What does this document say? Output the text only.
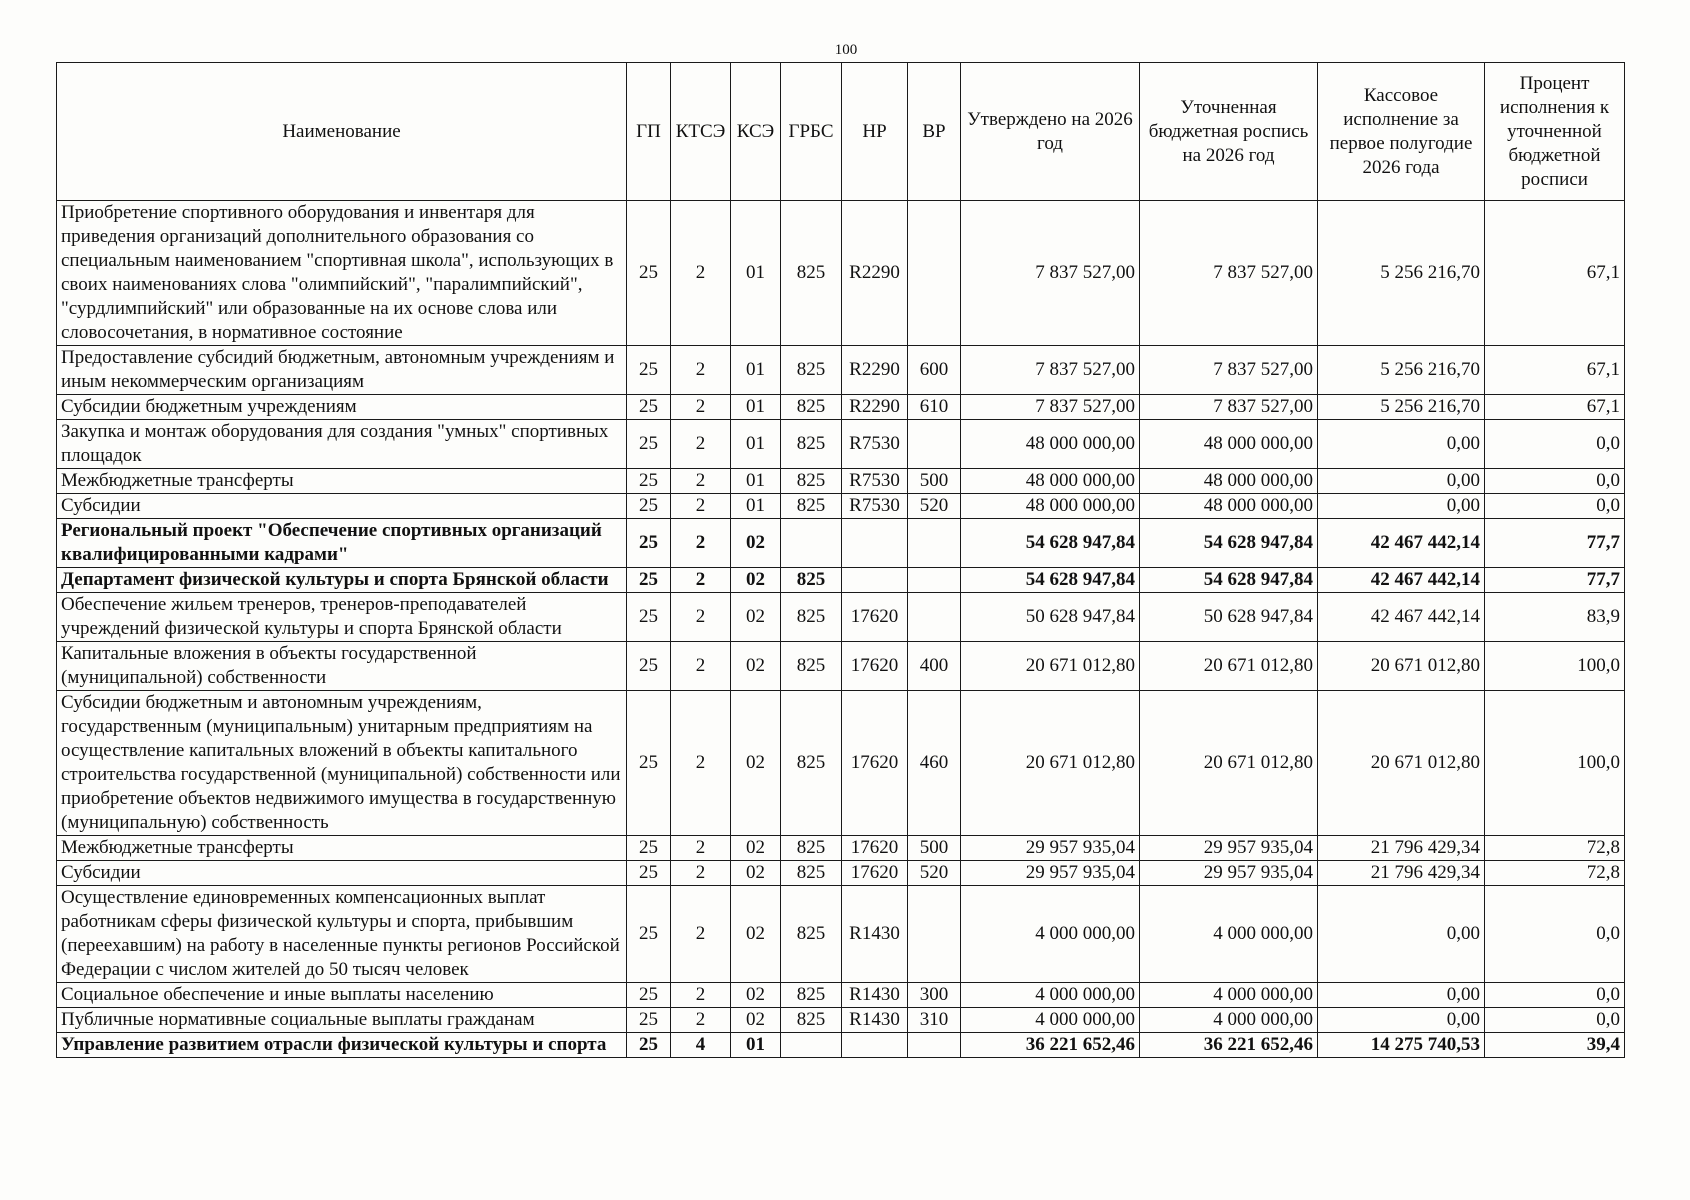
100
Наименование	ГП	КТСЭ	КСЭ	ГРБС	НР	ВР	Утверждено на 2026 год	Уточненная бюджетная роспись на 2026 год	Кассовое исполнение за первое полугодие 2026 года	Процент исполнения к уточненной бюджетной росписи
Приобретение спортивного оборудования и инвентаря для приведения организаций дополнительного образования со специальным наименованием "спортивная школа", использующих в своих наименованиях слова "олимпийский", "паралимпийский", "сурдлимпийский" или образованные на их основе слова или словосочетания, в нормативное состояние	25	2	01	825	R2290		7 837 527,00	7 837 527,00	5 256 216,70	67,1
Предоставление субсидий бюджетным, автономным учреждениям и иным некоммерческим организациям	25	2	01	825	R2290	600	7 837 527,00	7 837 527,00	5 256 216,70	67,1
Субсидии бюджетным учреждениям	25	2	01	825	R2290	610	7 837 527,00	7 837 527,00	5 256 216,70	67,1
Закупка и монтаж оборудования для создания "умных" спортивных площадок	25	2	01	825	R7530		48 000 000,00	48 000 000,00	0,00	0,0
Межбюджетные трансферты	25	2	01	825	R7530	500	48 000 000,00	48 000 000,00	0,00	0,0
Субсидии	25	2	01	825	R7530	520	48 000 000,00	48 000 000,00	0,00	0,0
Региональный проект "Обеспечение спортивных организаций квалифицированными кадрами"	25	2	02				54 628 947,84	54 628 947,84	42 467 442,14	77,7
Департамент физической культуры и спорта Брянской области	25	2	02	825			54 628 947,84	54 628 947,84	42 467 442,14	77,7
Обеспечение жильем тренеров, тренеров-преподавателей учреждений физической культуры и спорта Брянской области	25	2	02	825	17620		50 628 947,84	50 628 947,84	42 467 442,14	83,9
Капитальные вложения в объекты государственной (муниципальной) собственности	25	2	02	825	17620	400	20 671 012,80	20 671 012,80	20 671 012,80	100,0
Субсидии бюджетным и автономным учреждениям, государственным (муниципальным) унитарным предприятиям на осуществление капитальных вложений в объекты капитального строительства государственной (муниципальной) собственности или приобретение объектов недвижимого имущества в государственную (муниципальную) собственность	25	2	02	825	17620	460	20 671 012,80	20 671 012,80	20 671 012,80	100,0
Межбюджетные трансферты	25	2	02	825	17620	500	29 957 935,04	29 957 935,04	21 796 429,34	72,8
Субсидии	25	2	02	825	17620	520	29 957 935,04	29 957 935,04	21 796 429,34	72,8
Осуществление единовременных компенсационных выплат работникам сферы физической культуры и спорта, прибывшим (переехавшим) на работу в населенные пункты регионов Российской Федерации с числом жителей до 50 тысяч человек	25	2	02	825	R1430		4 000 000,00	4 000 000,00	0,00	0,0
Социальное обеспечение и иные выплаты населению	25	2	02	825	R1430	300	4 000 000,00	4 000 000,00	0,00	0,0
Публичные нормативные социальные выплаты гражданам	25	2	02	825	R1430	310	4 000 000,00	4 000 000,00	0,00	0,0
Управление развитием отрасли физической культуры и спорта	25	4	01				36 221 652,46	36 221 652,46	14 275 740,53	39,4
